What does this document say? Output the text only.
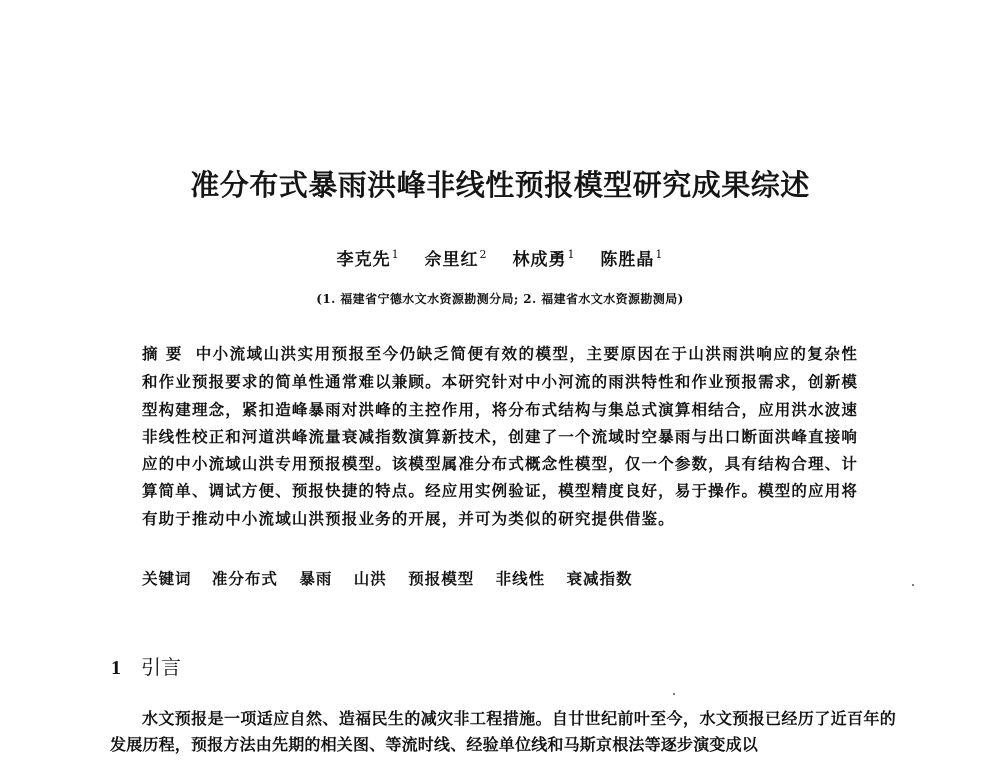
准分布式暴雨洪峰非线性预报模型研究成果综述
李克先$^1$ 佘里红$^2$ 林成勇$^1$ 陈胜晶$^1$
(1. 福建省宁德水文水资源勘测分局; 2. 福建省水文水资源勘测局)
摘要 中小流域山洪实用预报至今仍缺乏简便有效的模型，主要原因在于山洪雨洪响应的复杂性和作业预报要求的简单性通常难以兼顾。本研究针对中小河流的雨洪特性和作业预报需求，创新模型构建理念，紧扣造峰暴雨对洪峰的主控作用，将分布式结构与集总式演算相结合，应用洪水波速非线性校正和河道洪峰流量衰减指数演算新技术，创建了一个流域时空暴雨与出口断面洪峰直接响应的中小流域山洪专用预报模型。该模型属准分布式概念性模型，仅一个参数，具有结构合理、计算简单、调试方便、预报快捷的特点。经应用实例验证，模型精度良好，易于操作。模型的应用将有助于推动中小流域山洪预报业务的开展，并可为类似的研究提供借鉴。
关键词 准分布式 暴雨 山洪 预报模型 非线性 衰减指数
1 引言
水文预报是一项适应自然、造福民生的减灾非工程措施。自廿世纪前叶至今，水文预报已经历了近百年的发展历程，预报方法由先期的相关图、等流时线、经验单位线和马斯京根法等逐步演变成以
